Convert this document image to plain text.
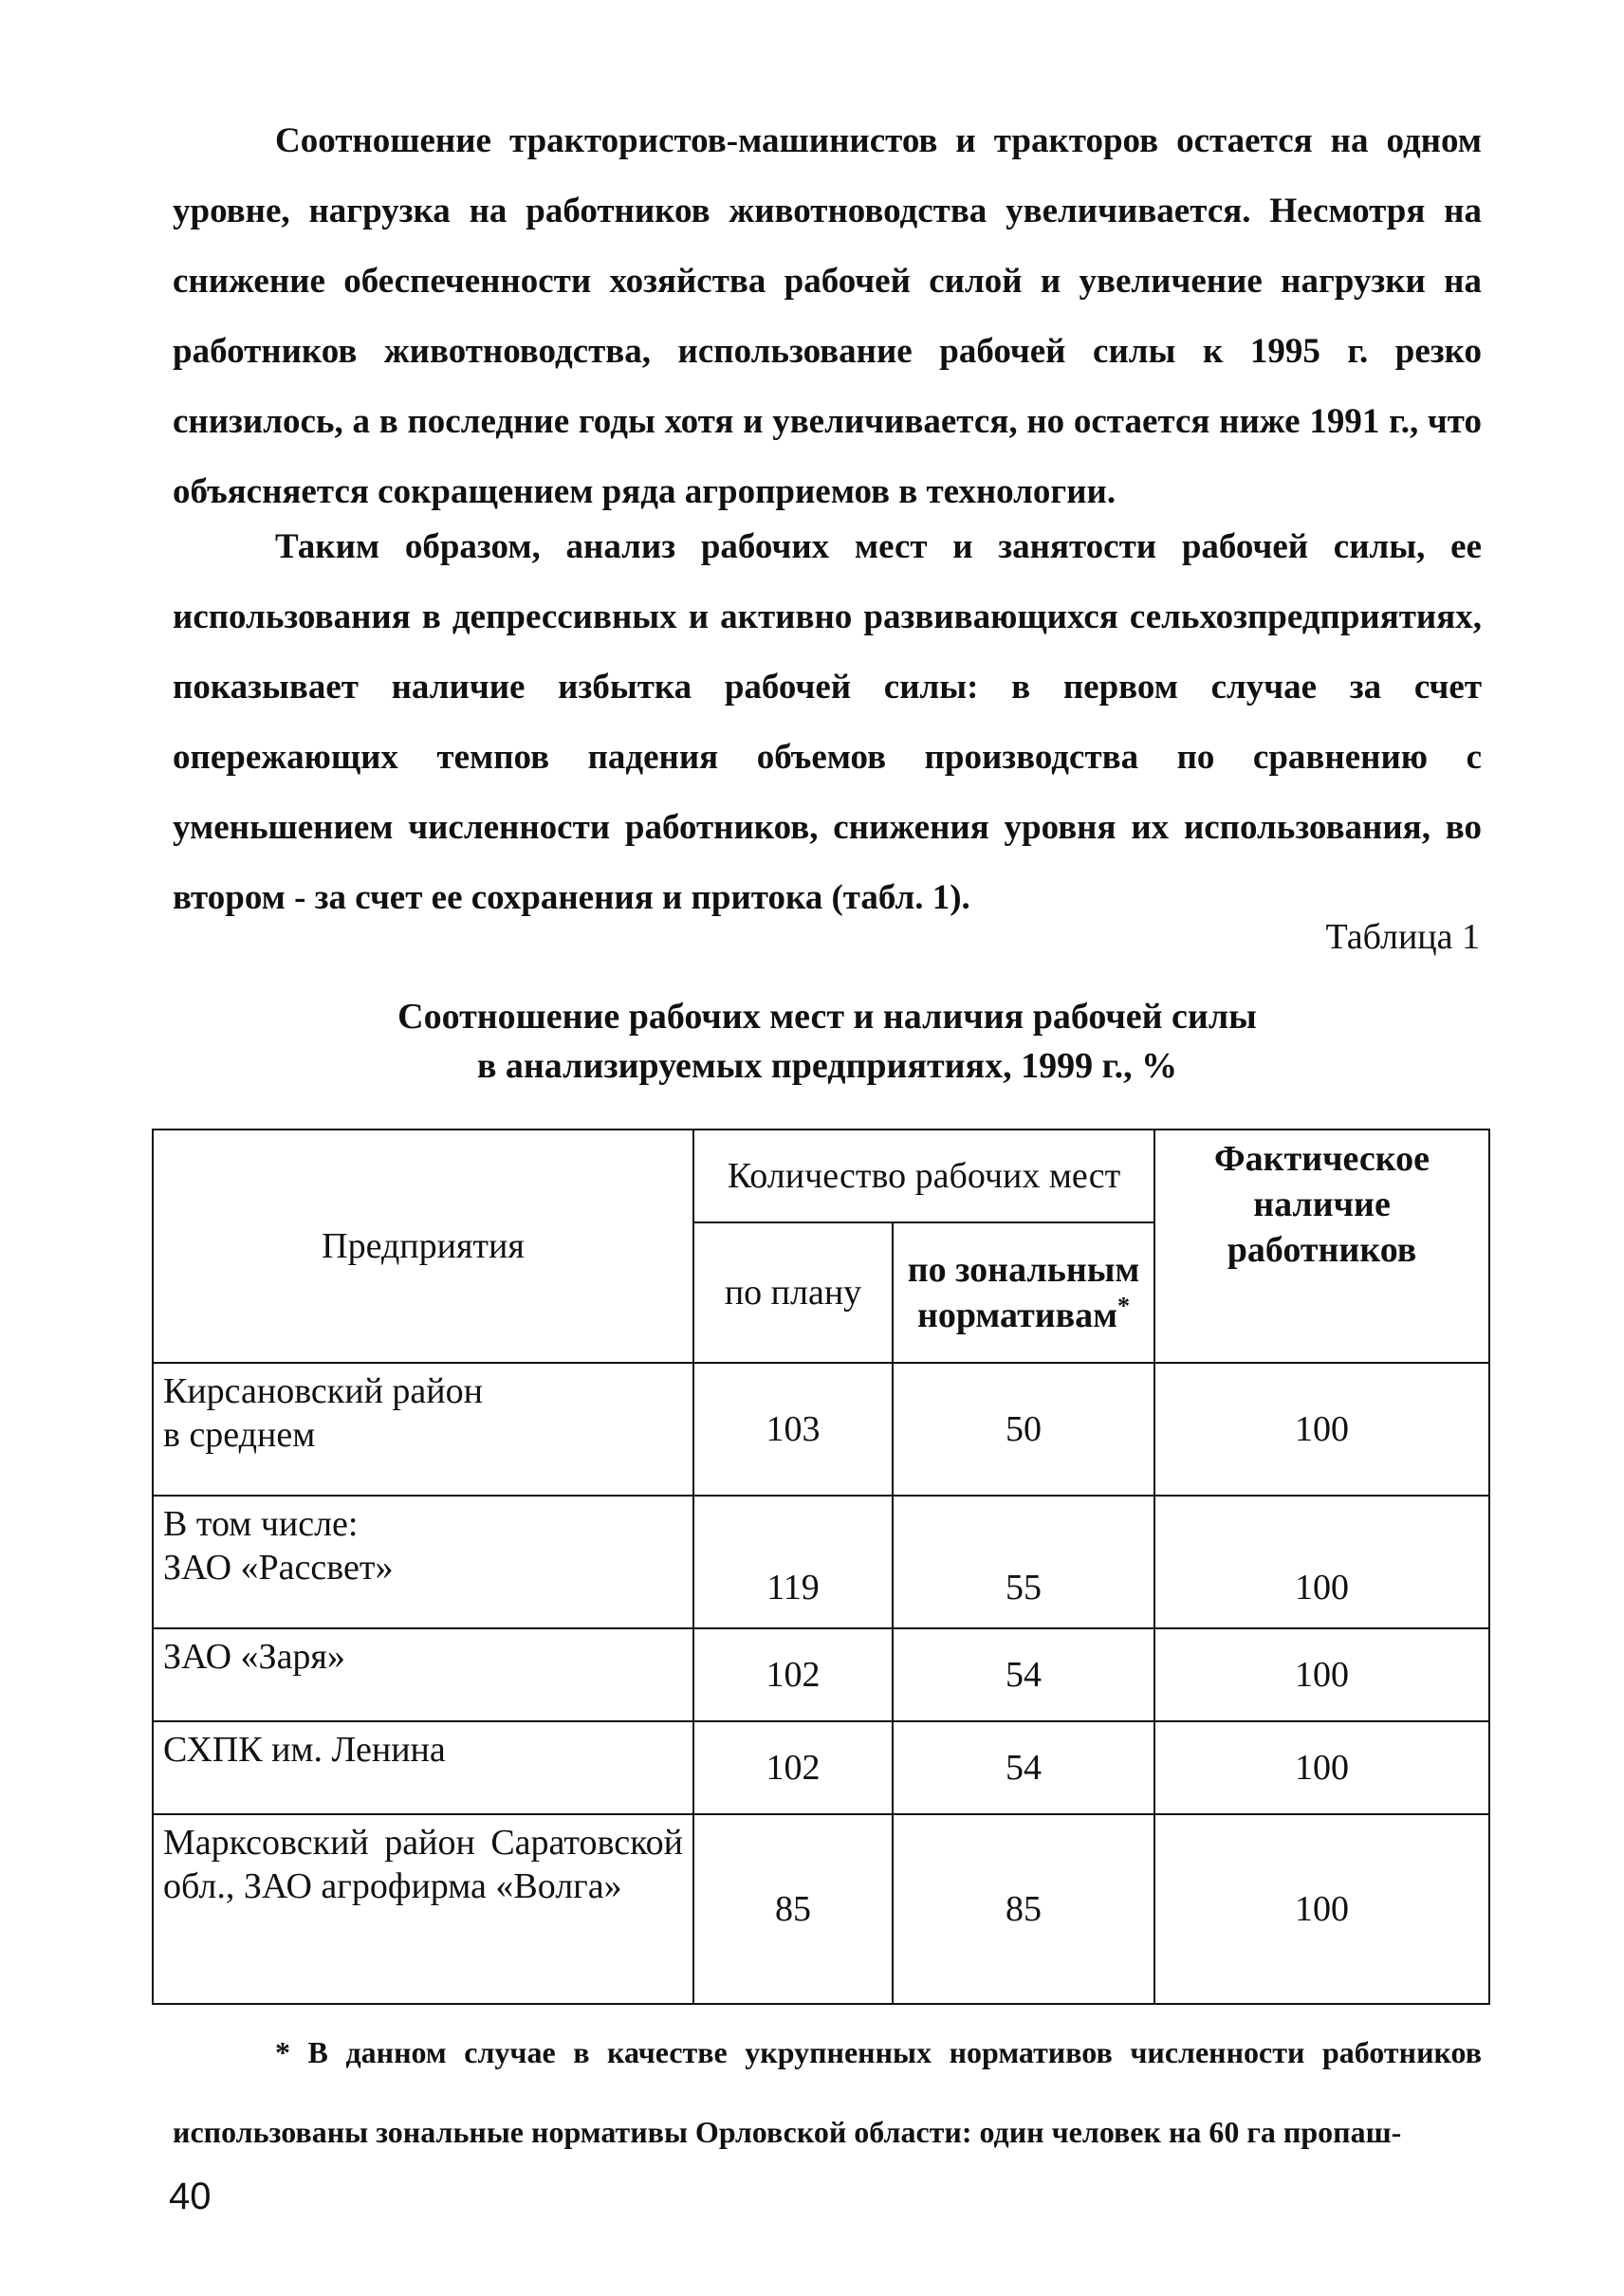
Соотношение трактористов-машинистов и тракторов остается на одном уровне, нагрузка на работников животноводства увеличивается. Несмотря на снижение обеспеченности хозяйства рабочей силой и увеличение нагрузки на работников животноводства, использование рабочей силы к 1995 г. резко снизилось, а в последние годы хотя и увеличивается, но остается ниже 1991 г., что объясняется сокращением ряда агроприемов в технологии.

Таким образом, анализ рабочих мест и занятости рабочей силы, ее использования в депрессивных и активно развивающихся сельхозпредприятиях, показывает наличие избытка рабочей силы: в первом случае за счет опережающих темпов падения объемов производства по сравнению с уменьшением численности работников, снижения уровня их использования, во втором - за счет ее сохранения и притока (табл. 1).

Таблица 1
Соотношение рабочих мест и наличия рабочей силы
в анализируемых предприятиях, 1999 г., %
Предприятия	Количество рабочих мест		Фактическое наличие работников
	по плану	по зональным нормативам*

Кирсановский район
в среднем	103	50	100

В том числе:
ЗАО «Рассвет»	119	55	100

ЗАО «Заря»	102	54	100

СХПК им. Ленина	102	54	100
Марксовский район Саратовской обл., ЗАО агрофирма «Волга»	85	85	100
* В данном случае в качестве укрупненных нормативов численности работников использованы зональные нормативы Орловской области: один человек на 60 га пропаш-
40
